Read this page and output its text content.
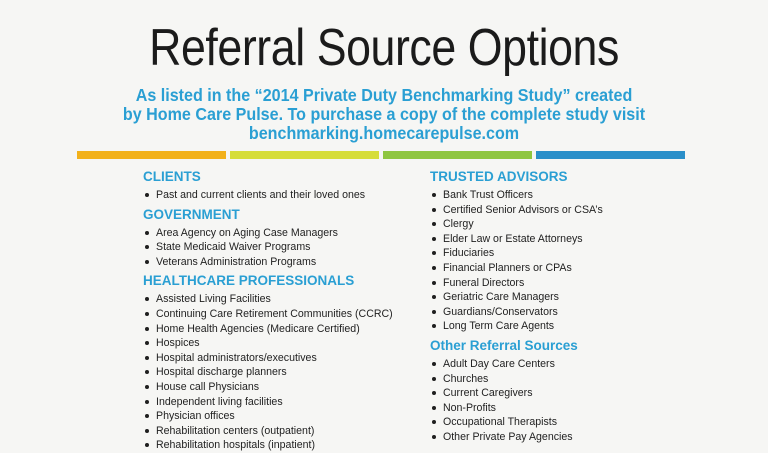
Referral Source Options
As listed in the “2014 Private Duty Benchmarking Study” created
by Home Care Pulse. To purchase a copy of the complete study visit
benchmarking.homecarepulse.com
CLIENTS
Past and current clients and their loved ones
GOVERNMENT
Area Agency on Aging Case Managers
State Medicaid Waiver Programs
Veterans Administration Programs
HEALTHCARE PROFESSIONALS
Assisted Living Facilities
Continuing Care Retirement Communities (CCRC)
Home Health Agencies (Medicare Certified)
Hospices
Hospital administrators/executives
Hospital discharge planners
House call Physicians
Independent living facilities
Physician offices
Rehabilitation centers (outpatient)
Rehabilitation hospitals (inpatient)
TRUSTED ADVISORS
Bank Trust Officers
Certified Senior Advisors or CSA’s
Clergy
Elder Law or Estate Attorneys
Fiduciaries
Financial Planners or CPAs
Funeral Directors
Geriatric Care Managers
Guardians/Conservators
Long Term Care Agents
Other Referral Sources
Adult Day Care Centers
Churches
Current Caregivers
Non-Profits
Occupational Therapists
Other Private Pay Agencies
